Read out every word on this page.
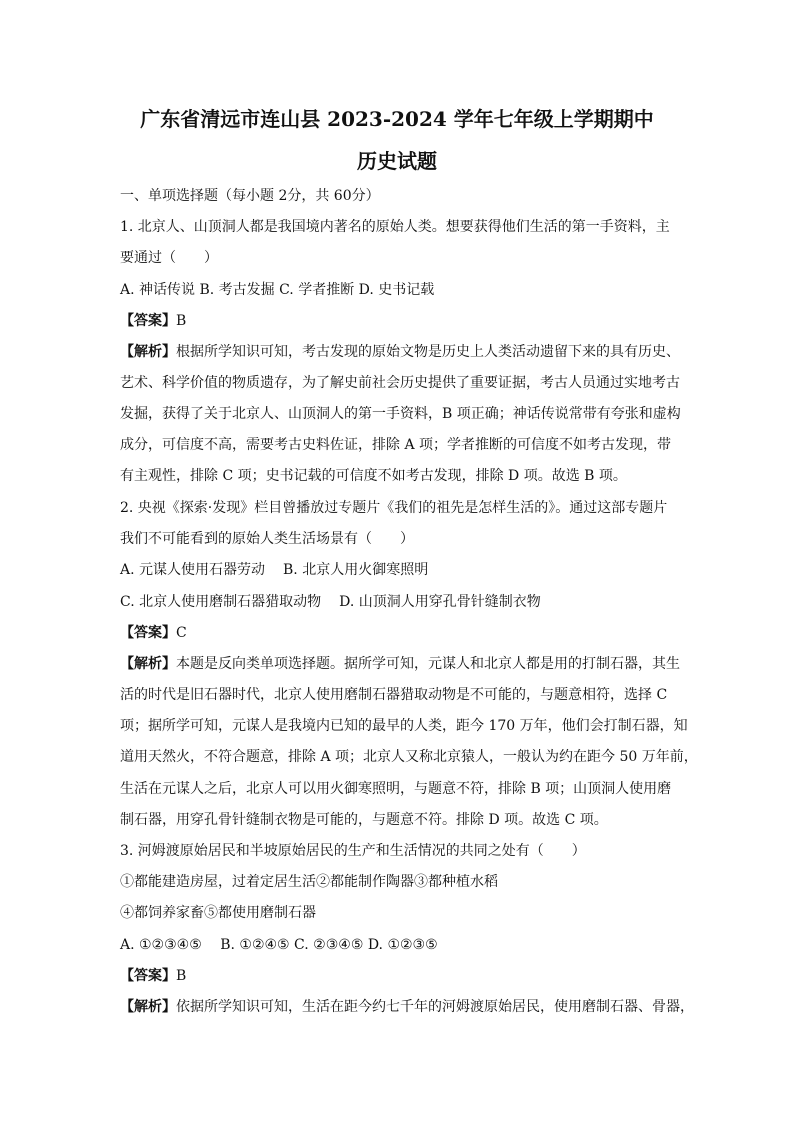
广东省清远市连山县 2023-2024 学年七年级上学期期中
历史试题
一、单项选择题（每小题 2分，共 60分）
1. 北京人、山顶洞人都是我国境内著名的原始人类。想要获得他们生活的第一手资料，主
要通过（　　）
A. 神话传说 B. 考古发掘 C. 学者推断 D. 史书记载
【答案】B
【解析】根据所学知识可知，考古发现的原始文物是历史上人类活动遗留下来的具有历史、
艺术、科学价值的物质遗存，为了解史前社会历史提供了重要证据，考古人员通过实地考古
发掘，获得了关于北京人、山顶洞人的第一手资料，B 项正确；神话传说常带有夸张和虚构
成分，可信度不高，需要考古史料佐证，排除 A 项；学者推断的可信度不如考古发现，带
有主观性，排除 C 项；史书记载的可信度不如考古发现，排除 D 项。故选 B 项。
2. 央视《探索·发现》栏目曾播放过专题片《我们的祖先是怎样生活的》。通过这部专题片
我们不可能看到的原始人类生活场景有（　　）
A. 元谋人使用石器劳动 B. 北京人用火御寒照明
C. 北京人使用磨制石器猎取动物 D. 山顶洞人用穿孔骨针缝制衣物
【答案】C
【解析】本题是反向类单项选择题。据所学可知，元谋人和北京人都是用的打制石器，其生
活的时代是旧石器时代，北京人使用磨制石器猎取动物是不可能的，与题意相符，选择 C
项；据所学可知，元谋人是我境内已知的最早的人类，距今 170 万年，他们会打制石器，知
道用天然火，不符合题意，排除 A 项；北京人又称北京猿人，一般认为约在距今 50 万年前，
生活在元谋人之后，北京人可以用火御寒照明，与题意不符，排除 B 项；山顶洞人使用磨
制石器，用穿孔骨针缝制衣物是可能的，与题意不符。排除 D 项。故选 C 项。
3. 河姆渡原始居民和半坡原始居民的生产和生活情况的共同之处有（　　）
①都能建造房屋，过着定居生活②都能制作陶器③都种植水稻
④都饲养家畜⑤都使用磨制石器
A. ①②③④⑤　 B. ①②④⑤ C. ②③④⑤ D. ①②③⑤
【答案】B
【解析】依据所学知识可知，生活在距今约七千年的河姆渡原始居民，使用磨制石器、骨器，
